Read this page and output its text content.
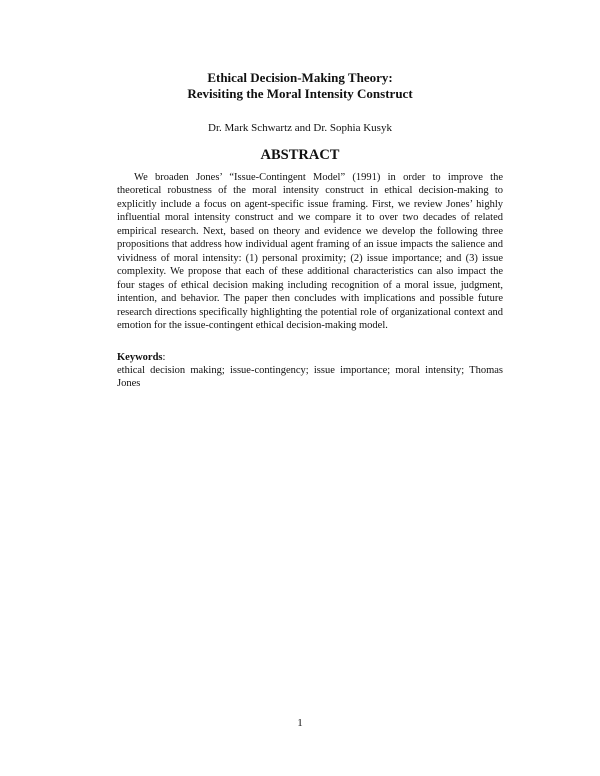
Ethical Decision-Making Theory:
Revisiting the Moral Intensity Construct
Dr. Mark Schwartz and Dr. Sophia Kusyk
ABSTRACT

We broaden Jones’ “Issue-Contingent Model” (1991) in order to improve the theoretical robustness of the moral intensity construct in ethical decision-making to explicitly include a focus on agent-specific issue framing. First, we review Jones’ highly influential moral intensity construct and we compare it to over two decades of related empirical research. Next, based on theory and evidence we develop the following three propositions that address how individual agent framing of an issue impacts the salience and vividness of moral intensity: (1) personal proximity; (2) issue importance; and (3) issue complexity. We propose that each of these additional characteristics can also impact the four stages of ethical decision making including recognition of a moral issue, judgment, intention, and behavior. The paper then concludes with implications and possible future research directions specifically highlighting the potential role of organizational context and emotion for the issue-contingent ethical decision-making model.

Keywords:

ethical decision making; issue-contingency; issue importance; moral intensity; Thomas Jones

1
